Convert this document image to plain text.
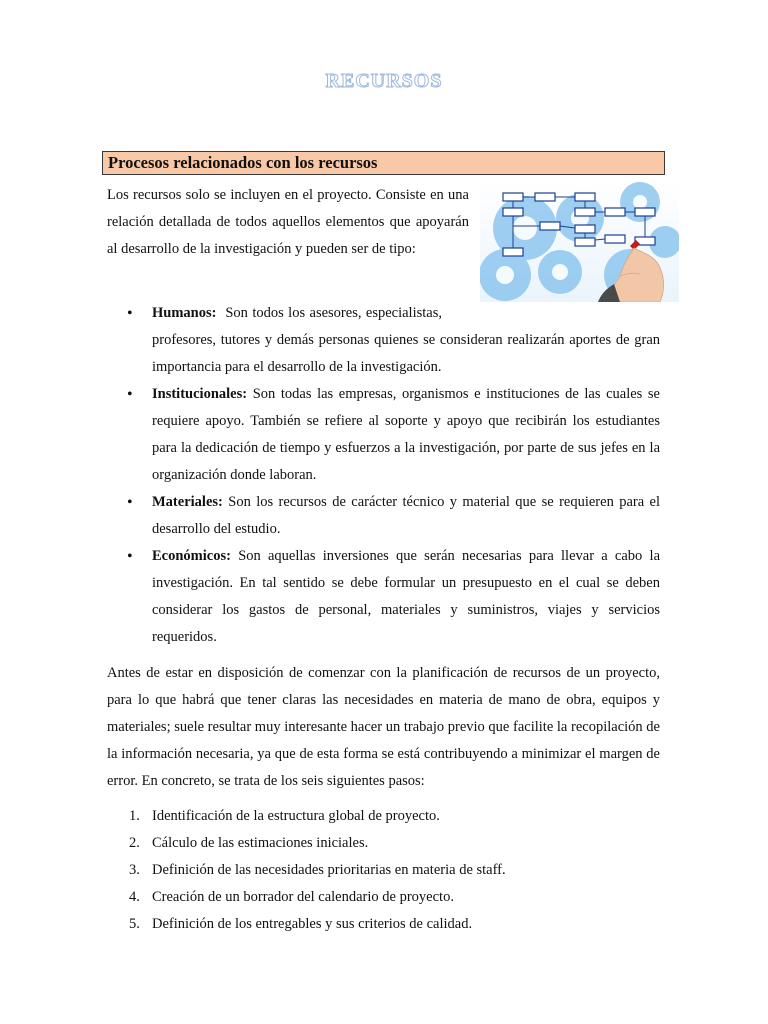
RECURSOS
Procesos relacionados con los recursos

Los recursos solo se incluyen en el proyecto. Consiste en una relación detallada de todos aquellos elementos que apoyarán al desarrollo de la investigación y pueden ser de tipo:

• Humanos: Son todos los asesores, especialistas,
profesores, tutores y demás personas quienes se consideran realizarán aportes de gran importancia para el desarrollo de la investigación.
• Institucionales: Son todas las empresas, organismos e instituciones de las cuales se requiere apoyo. También se refiere al soporte y apoyo que recibirán los estudiantes para la dedicación de tiempo y esfuerzos a la investigación, por parte de sus jefes en la organización donde laboran.
• Materiales: Son los recursos de carácter técnico y material que se requieren para el desarrollo del estudio.
• Económicos: Son aquellas inversiones que serán necesarias para llevar a cabo la investigación. En tal sentido se debe formular un presupuesto en el cual se deben considerar los gastos de personal, materiales y suministros, viajes y servicios requeridos.

Antes de estar en disposición de comenzar con la planificación de recursos de un proyecto, para lo que habrá que tener claras las necesidades en materia de mano de obra, equipos y materiales; suele resultar muy interesante hacer un trabajo previo que facilite la recopilación de la información necesaria, ya que de esta forma se está contribuyendo a minimizar el margen de error. En concreto, se trata de los seis siguientes pasos:

1. Identificación de la estructura global de proyecto.
2. Cálculo de las estimaciones iniciales.
3. Definición de las necesidades prioritarias en materia de staff.
4. Creación de un borrador del calendario de proyecto.
5. Definición de los entregables y sus criterios de calidad.
